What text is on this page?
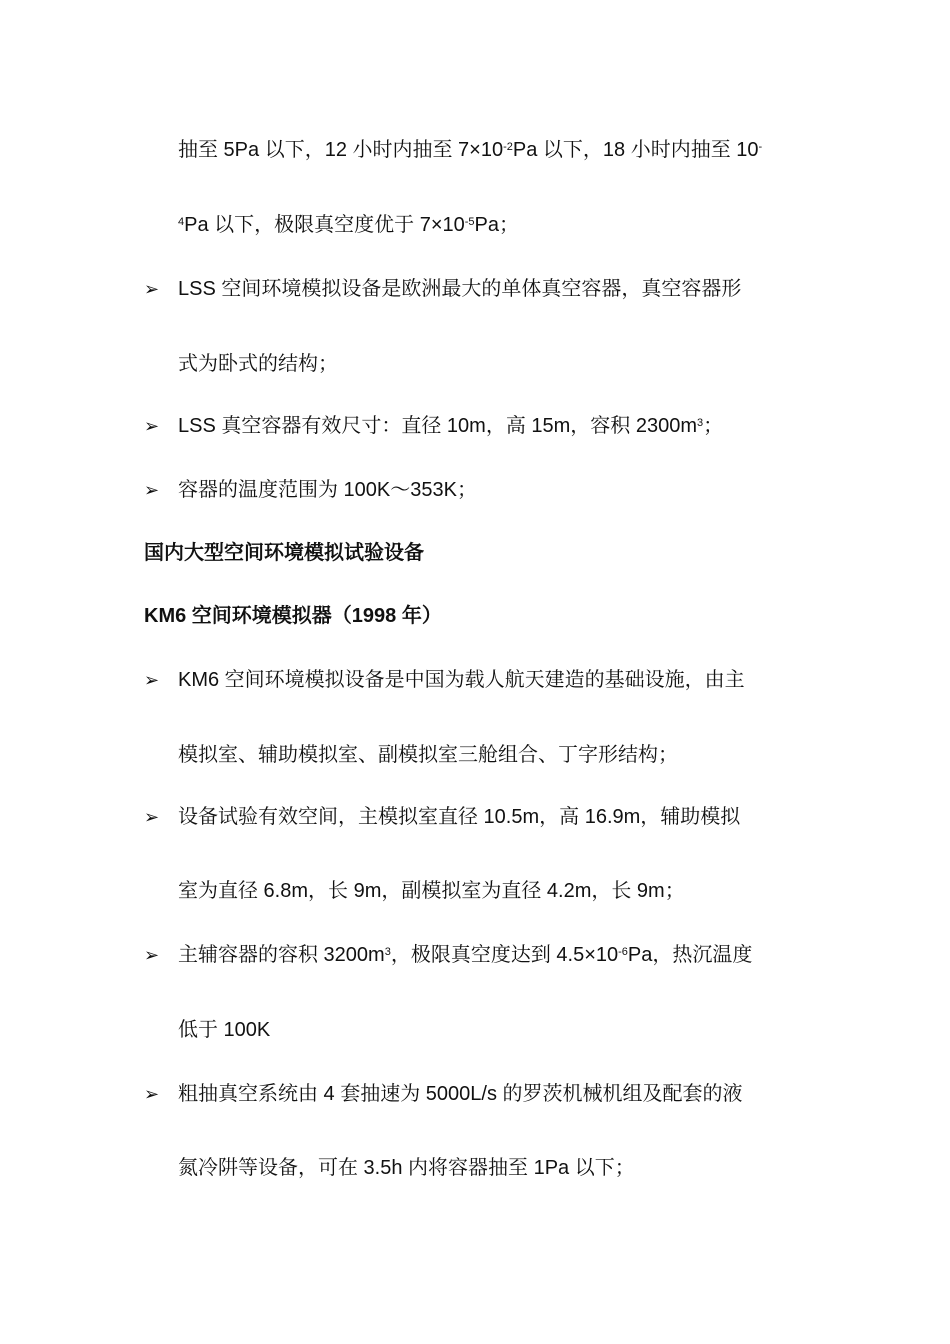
抽至 5Pa 以下，12 小时内抽至 $7\times 10^{-2}Pa$ 以下，18 小时内抽至 10-
$^4$Pa 以下，极限真空度优于 $7\times 10^{-5}Pa$；
➢ LSS 空间环境模拟设备是欧洲最大的单体真空容器，真空容器形
式为卧式的结构；
➢ LSS 真空容器有效尺寸：直径 10m，高 15m，容积 $2300m^3$；
➢ 容器的温度范围为 100K～353K；
国内大型空间环境模拟试验设备
KM6 空间环境模拟器（1998 年）
➢ KM6 空间环境模拟设备是中国为载人航天建造的基础设施，由主
模拟室、辅助模拟室、副模拟室三舱组合、丁字形结构；
➢ 设备试验有效空间，主模拟室直径 10.5m，高 16.9m，辅助模拟
室为直径 6.8m，长 9m，副模拟室为直径 4.2m，长 9m；
➢ 主辅容器的容积 $3200m^3$，极限真空度达到 $4.5\times 10^{-6}Pa$，热沉温度
低于 100K
➢ 粗抽真空系统由 4 套抽速为 5000L/s 的罗茨机械机组及配套的液
氮冷阱等设备，可在 3.5h 内将容器抽至 1Pa 以下；
